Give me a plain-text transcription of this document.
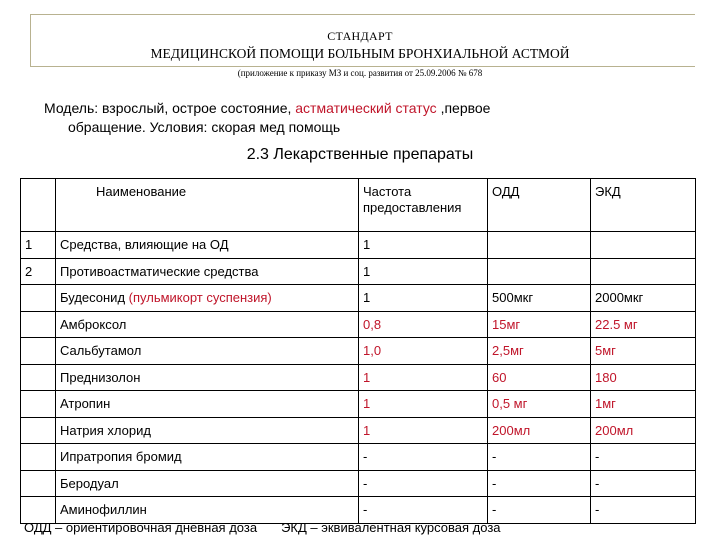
СТАНДАРТ
МЕДИЦИНСКОЙ ПОМОЩИ БОЛЬНЫМ БРОНХИАЛЬНОЙ АСТМОЙ
(приложение к приказу МЗ и соц. развития от 25.09.2006 № 678
Модель: взрослый, острое состояние, астматический статус ,первое
обращение. Условия: скорая мед помощь
2.3 Лекарственные препараты
	Наименование	Частота предоставления	ОДД	ЭКД
1	Средства, влияющие на ОД	1		
2	Противоастматические средства	1		
	Будесонид (пульмикорт суспензия)	1	500мкг	2000мкг
	Амброксол	0,8	15мг	22.5 мг
	Сальбутамол	1,0	2,5мг	5мг
	Преднизолон	1	60	180
	Атропин	1	0,5 мг	1мг
	Натрия хлорид	1	200мл	200мл
	Ипратропия бромид	-	-	-
	Беродуал	-	-	-
	Аминофиллин	-	-	-
ОДД – ориентировочная дневная доза ЭКД – эквивалентная курсовая доза
